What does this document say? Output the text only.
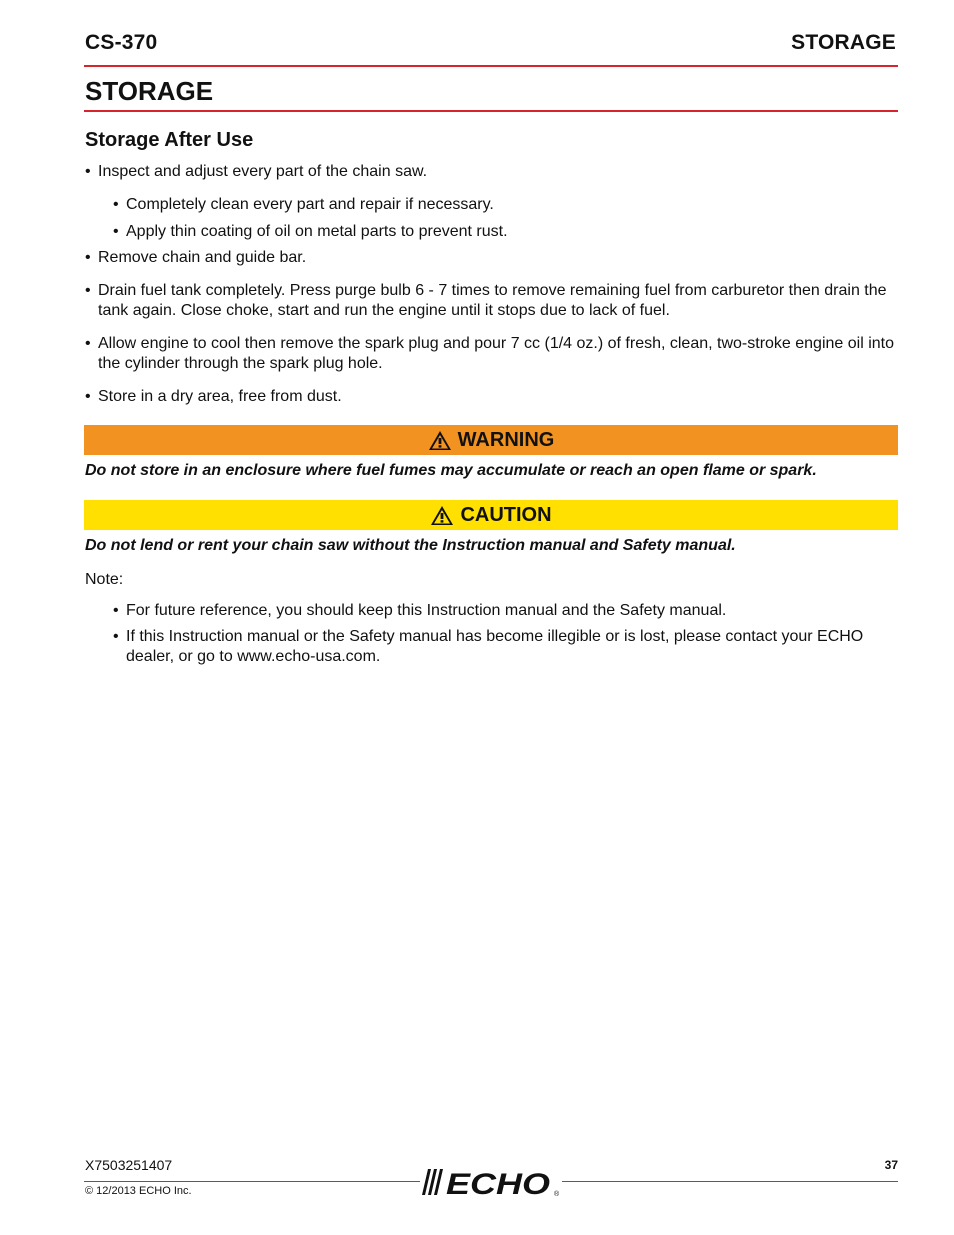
CS-370	STORAGE
STORAGE
Storage After Use
• Inspect and adjust every part of the chain saw.
• Completely clean every part and repair if necessary.
• Apply thin coating of oil on metal parts to prevent rust.
• Remove chain and guide bar.
• Drain fuel tank completely. Press purge bulb 6 - 7 times to remove remaining fuel from carburetor then drain the tank again. Close choke, start and run the engine until it stops due to lack of fuel.
• Allow engine to cool then remove the spark plug and pour 7 cc (1/4 oz.) of fresh, clean, two-stroke engine oil into the cylinder through the spark plug hole.
• Store in a dry area, free from dust.
WARNING
Do not store in an enclosure where fuel fumes may accumulate or reach an open flame or spark.
CAUTION
Do not lend or rent your chain saw without the Instruction manual and Safety manual.
Note:
• For future reference, you should keep this Instruction manual and the Safety manual.
• If this Instruction manual or the Safety manual has become illegible or is lost, please contact your ECHO dealer, or go to www.echo-usa.com.
X7503251407
© 12/2013 ECHO Inc.
37
ECHO ®
